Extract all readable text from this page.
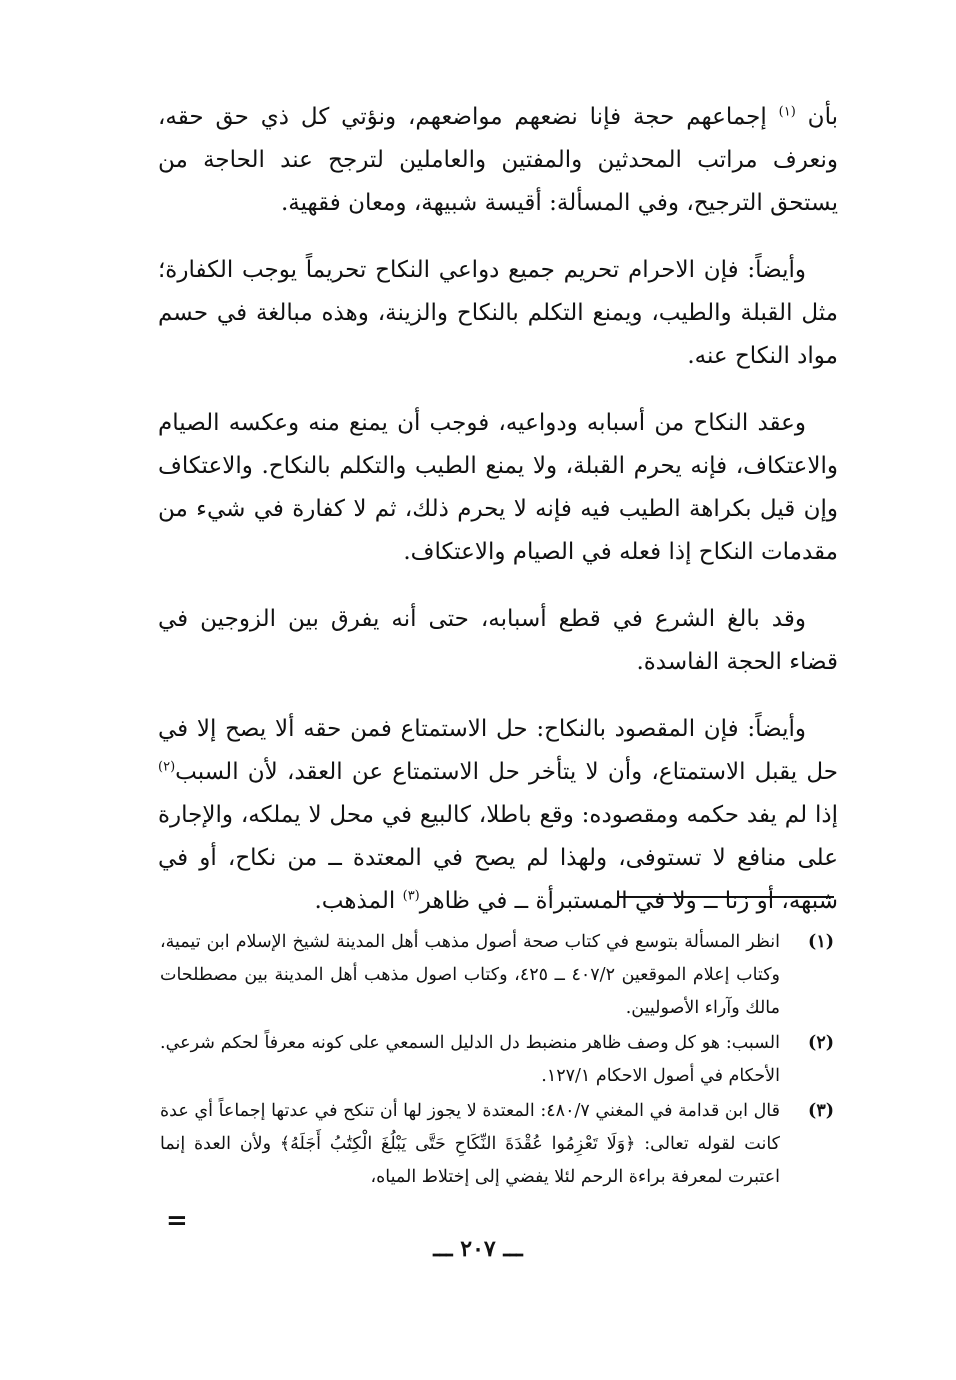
بأن $^{(١)}$ إجماعهم حجة فإنا نضعهم مواضعهم، ونؤتي كل ذي حق حقه، ونعرف مراتب المحدثين والمفتين والعاملين لترجح عند الحاجة من يستحق الترجيح، وفي المسألة: أقيسة شبيهة، ومعان فقهية.

وأيضاً: فإن الاحرام تحريم جميع دواعي النكاح تحريماً يوجب الكفارة؛ مثل القبلة والطيب، ويمنع التكلم بالنكاح والزينة، وهذه مبالغة في حسم مواد النكاح عنه.

وعقد النكاح من أسبابه ودواعيه، فوجب أن يمنع منه وعكسه الصيام والاعتكاف، فإنه يحرم القبلة، ولا يمنع الطيب والتكلم بالنكاح. والاعتكاف وإن قيل بكراهة الطيب فيه فإنه لا يحرم ذلك، ثم لا كفارة في شيء من مقدمات النكاح إذا فعله في الصيام والاعتكاف.

وقد بالغ الشرع في قطع أسبابه، حتى أنه يفرق بين الزوجين في قضاء الحجة الفاسدة.

وأيضاً: فإن المقصود بالنكاح: حل الاستمتاع فمن حقه ألا يصح إلا في حل يقبل الاستمتاع، وأن لا يتأخر حل الاستمتاع عن العقد، لأن السبب$^{(٢)}$ إذا لم يفد حكمه ومقصوده: وقع باطلا، كالبيع في محل لا يملكه، والإجارة على منافع لا تستوفى، ولهذا لم يصح في المعتدة ــ من نكاح، أو في شبهة، أو زنا ــ ولا في المستبرأة ــ في ظاهر$^{(٣)}$ المذهب.

(١)
انظر المسألة بتوسع في كتاب صحة أصول مذهب أهل المدينة لشيخ الإسلام ابن تيمية، وكتاب إعلام الموقعين ٤٠٧/٢ ــ ٤٢٥، وكتاب اصول مذهب أهل المدينة بين مصطلحات مالك وآراء الأصوليين.
(٢)
السبب: هو كل وصف ظاهر منضبط دل الدليل السمعي على كونه معرفاً لحكم شرعي. الأحكام في أصول الاحكام ١٢٧/١.
(٣)
قال ابن قدامة في المغني ٤٨٠/٧: المعتدة لا يجوز لها أن تنكح في عدتها إجماعاً أي عدة كانت لقوله تعالى: ﴿وَلَا تَعْزِمُوا عُقْدَةَ النِّكَاحِ حَتَّى يَبْلُغَ الْكِتَٰبُ أَجَلَهُ﴾ ولأن العدة إنما اعتبرت لمعرفة براءة الرحم لئلا يفضي إلى إختلاط المياه،
=
ـــ ٢٠٧ ـــ
